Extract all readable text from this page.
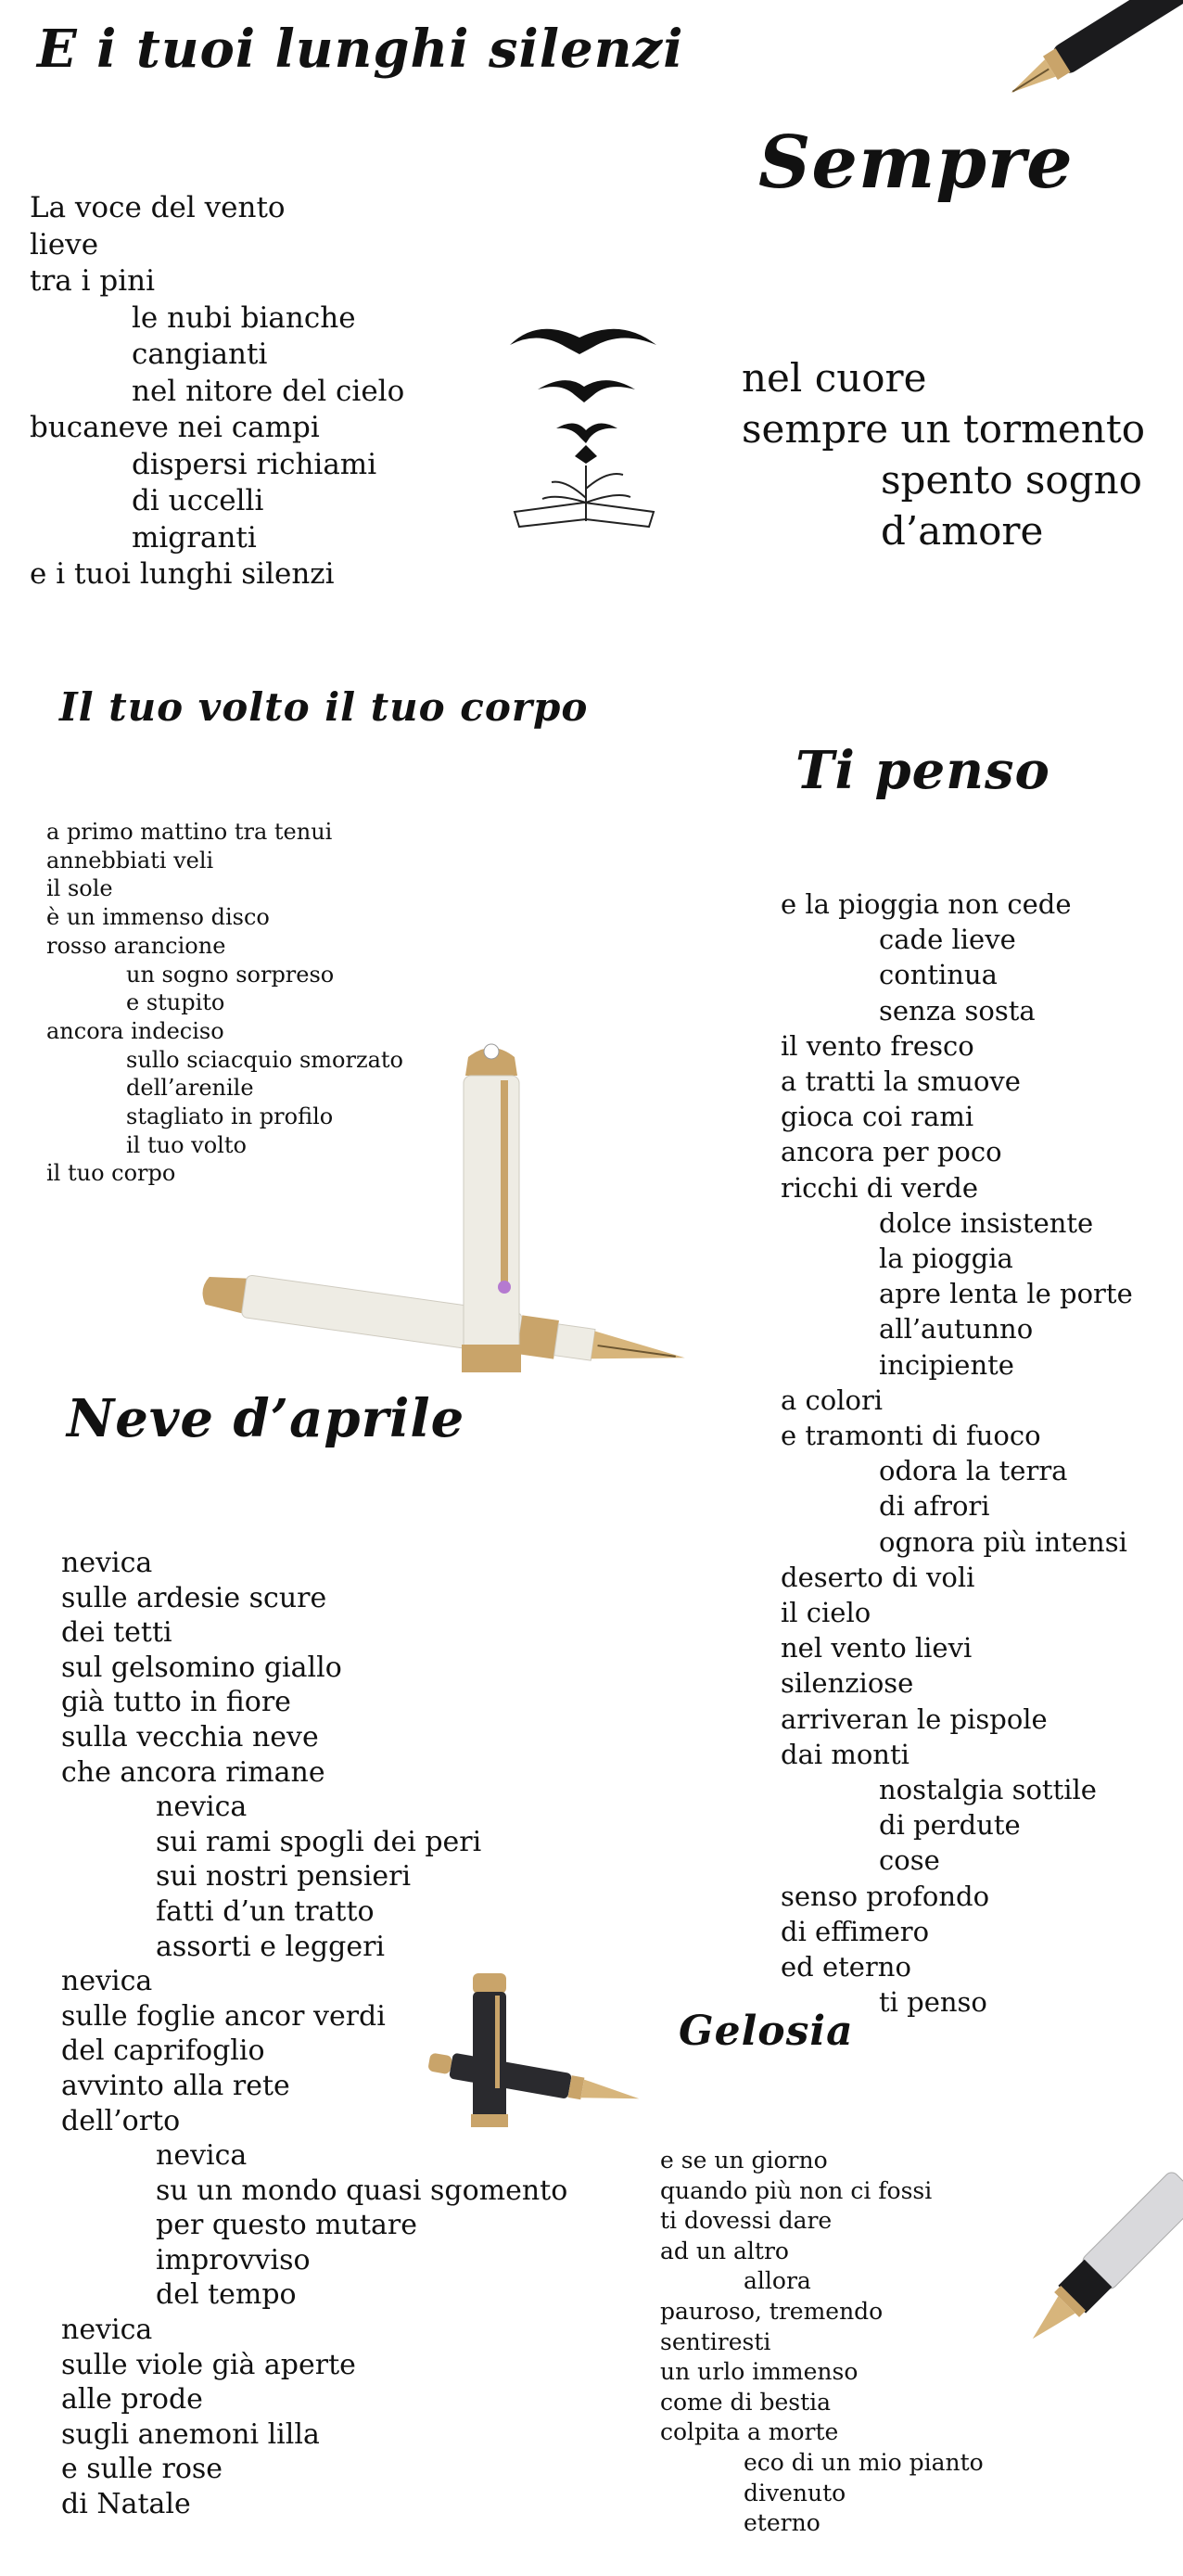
E i tuoi lunghi silenzi
La voce del vento
lieve
tra i pini
le nubi bianche
cangianti
nel nitore del cielo
bucaneve nei campi
dispersi richiami
di uccelli
migranti
e i tuoi lunghi silenzi
Sempre
nel cuore
sempre un tormento
spento sogno
d’amore
Il tuo volto il tuo corpo
a primo mattino tra tenui
annebbiati veli
il sole
è un immenso disco
rosso arancione
un sogno sorpreso
e stupito
ancora indeciso
sullo sciacquio smorzato
dell’arenile
stagliato in profilo
il tuo volto
il tuo corpo
Ti penso
e la pioggia non cede
cade lieve
continua
senza sosta
il vento fresco
a tratti la smuove
gioca coi rami
ancora per poco
ricchi di verde
dolce insistente
la pioggia
apre lenta le porte
all’autunno
incipiente
a colori
e tramonti di fuoco
odora la terra
di afrori
ognora più intensi
deserto di voli
il cielo
nel vento lievi
silenziose
arriveran le pispole
dai monti
nostalgia sottile
di perdute
cose
senso profondo
di effimero
ed eterno
ti penso
Neve d’aprile
nevica
sulle ardesie scure
dei tetti
sul gelsomino giallo
già tutto in fiore
sulla vecchia neve
che ancora rimane
nevica
sui rami spogli dei peri
sui nostri pensieri
fatti d’un tratto
assorti e leggeri
nevica
sulle foglie ancor verdi
del caprifoglio
avvinto alla rete
dell’orto
nevica
su un mondo quasi sgomento
per questo mutare
improvviso
del tempo
nevica
sulle viole già aperte
alle prode
sugli anemoni lilla
e sulle rose
di Natale
Gelosia
e se un giorno
quando più non ci fossi
ti dovessi dare
ad un altro
allora
pauroso, tremendo
sentiresti
un urlo immenso
come di bestia
colpita a morte
eco di un mio pianto
divenuto
eterno
